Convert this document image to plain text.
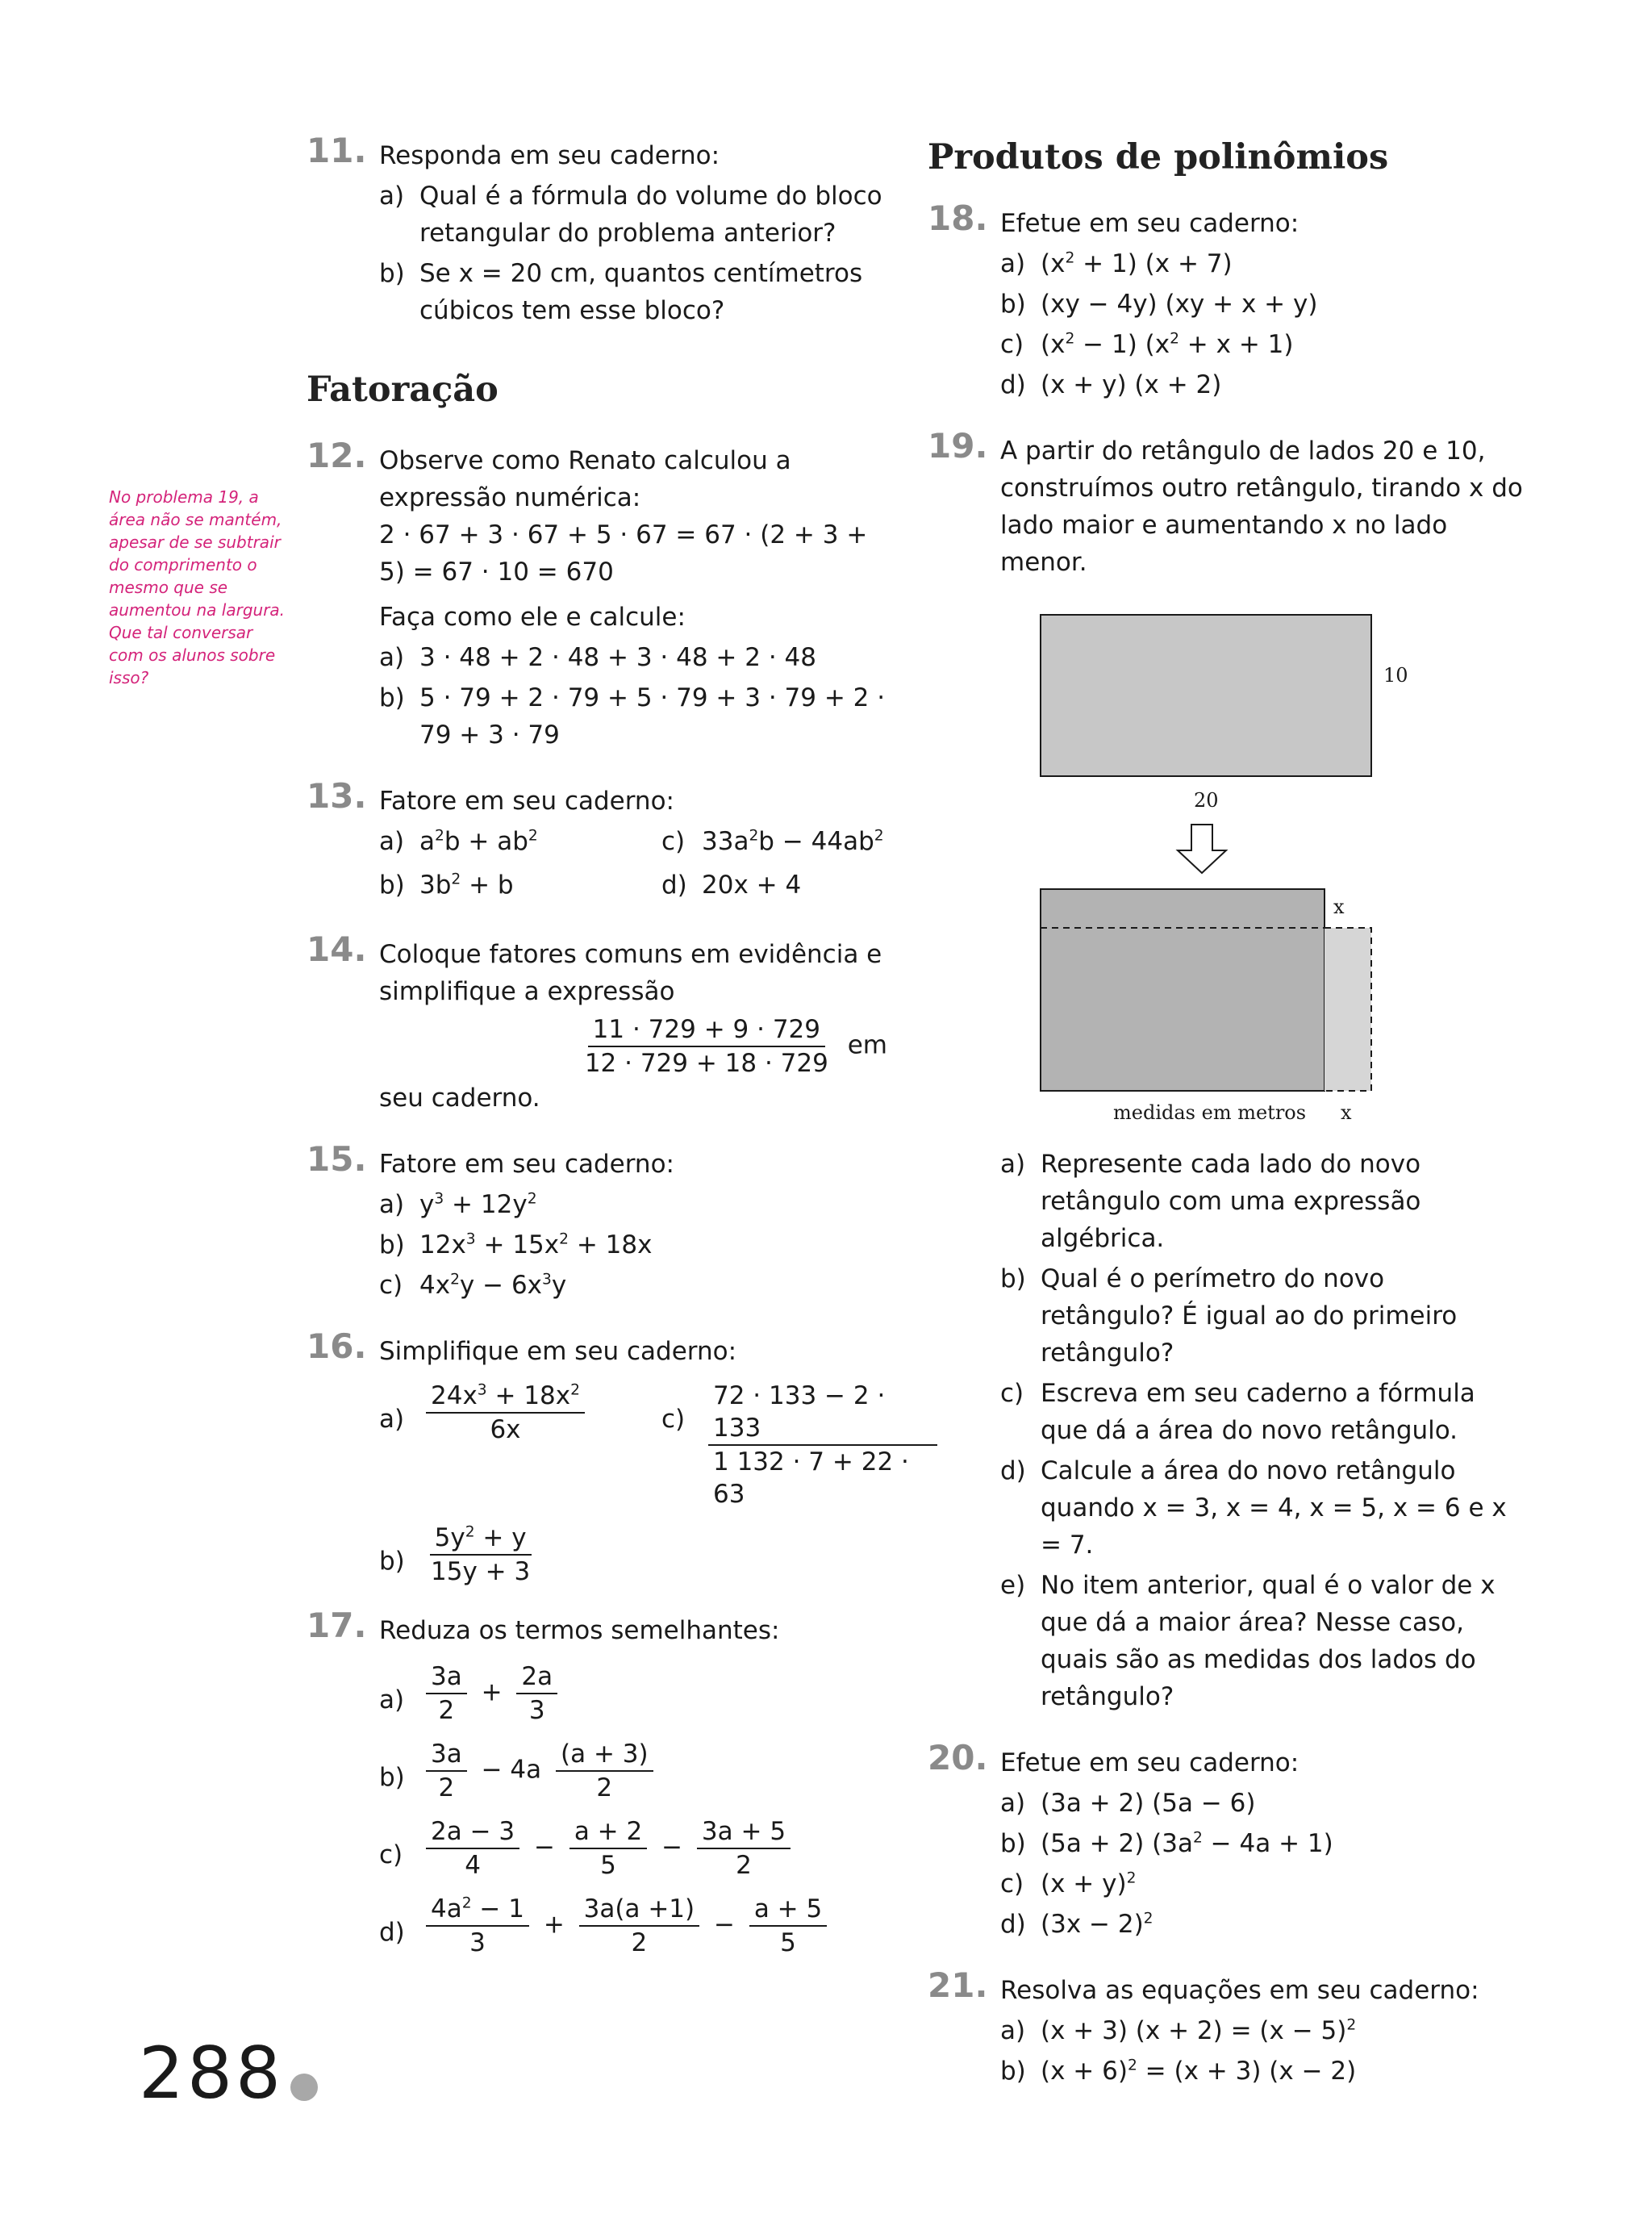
No problema 19, a área não se mantém, apesar de se subtrair do comprimento o mesmo que se aumentou na largura. Que tal conversar com os alunos sobre isso?
11. Responda em seu caderno:
a) Qual é a fórmula do volume do bloco retangular do problema anterior?
b) Se x = 20 cm, quantos centímetros cúbicos tem esse bloco?
Fatoração
12. Observe como Renato calculou a expressão numérica:
2 · 67 + 3 · 67 + 5 · 67 = 67 · (2 + 3 + 5) = 67 · 10 = 670
Faça como ele e calcule:
a) 3 · 48 + 2 · 48 + 3 · 48 + 2 · 48
b) 5 · 79 + 2 · 79 + 5 · 79 + 3 · 79 + 2 · 79 + 3 · 79
13. Fatore em seu caderno:
a) $a^2b + ab^2$	c) $33a^2b - 44ab^2$
b) $3b^2 + b$	d) 20x + 4
14. Coloque fatores comuns em evidência e simplifique a expressão
$\frac{11 \cdot 729 + 9 \cdot 729}{12 \cdot 729 + 18 \cdot 729}$ em
seu caderno.
15. Fatore em seu caderno:
a) $y^3 + 12y^2$
b) $12x^3 + 15x^2 + 18x$
c) $4x^2y - 6x^3y$
16. Simplifique em seu caderno:
$a) \frac{24x^3 + 18x^2}{6x}$	$c) \frac{72 \cdot 133 - 2 \cdot 133}{1 132 \cdot 7 + 22 \cdot 63}$
$b) \frac{5y^2 + y}{15y + 3}$
17. Reduza os termos semelhantes:
$a) \frac{3a}{2} + \frac{2a}{3}$
$b) \frac{3a}{2} - 4a \frac{(a + 3)}{2}$
$c) \frac{2a - 3}{4} - \frac{a + 2}{5} - \frac{3a + 5}{2}$
$d) \frac{4a^2 - 1}{3} + \frac{3a(a +1)}{2} - \frac{a + 5}{5}$
Produtos de polinômios
18. Efetue em seu caderno:
a) $(x^2 + 1) (x + 7)$
b) (xy − 4y) (xy + x + y)
c) $(x^2 - 1) (x^2 + x + 1)$
d) (x + y) (x + 2)
19. A partir do retângulo de lados 20 e 10, construímos outro retângulo, tirando x do lado maior e aumentando x no lado menor.
10
20
x
x
medidas em metros
a) Represente cada lado do novo retângulo com uma expressão algébrica.
b) Qual é o perímetro do novo retângulo? É igual ao do primeiro retângulo?
c) Escreva em seu caderno a fórmula que dá a área do novo retângulo.
d) Calcule a área do novo retângulo quando x = 3, x = 4, x = 5, x = 6 e x = 7.
e) No item anterior, qual é o valor de x que dá a maior área? Nesse caso, quais são as medidas dos lados do retângulo?
20. Efetue em seu caderno:
a) (3a + 2) (5a − 6)
b) (5a + 2) $(3a^2 - 4a + 1)$
c) $(x + y)^2$
d) $(3x - 2)^2$
21. Resolva as equações em seu caderno:
a) (x + 3) $(x + 2) = (x - 5)^2$
b) $(x + 6)^2 = (x + 3)$ (x − 2)
288
